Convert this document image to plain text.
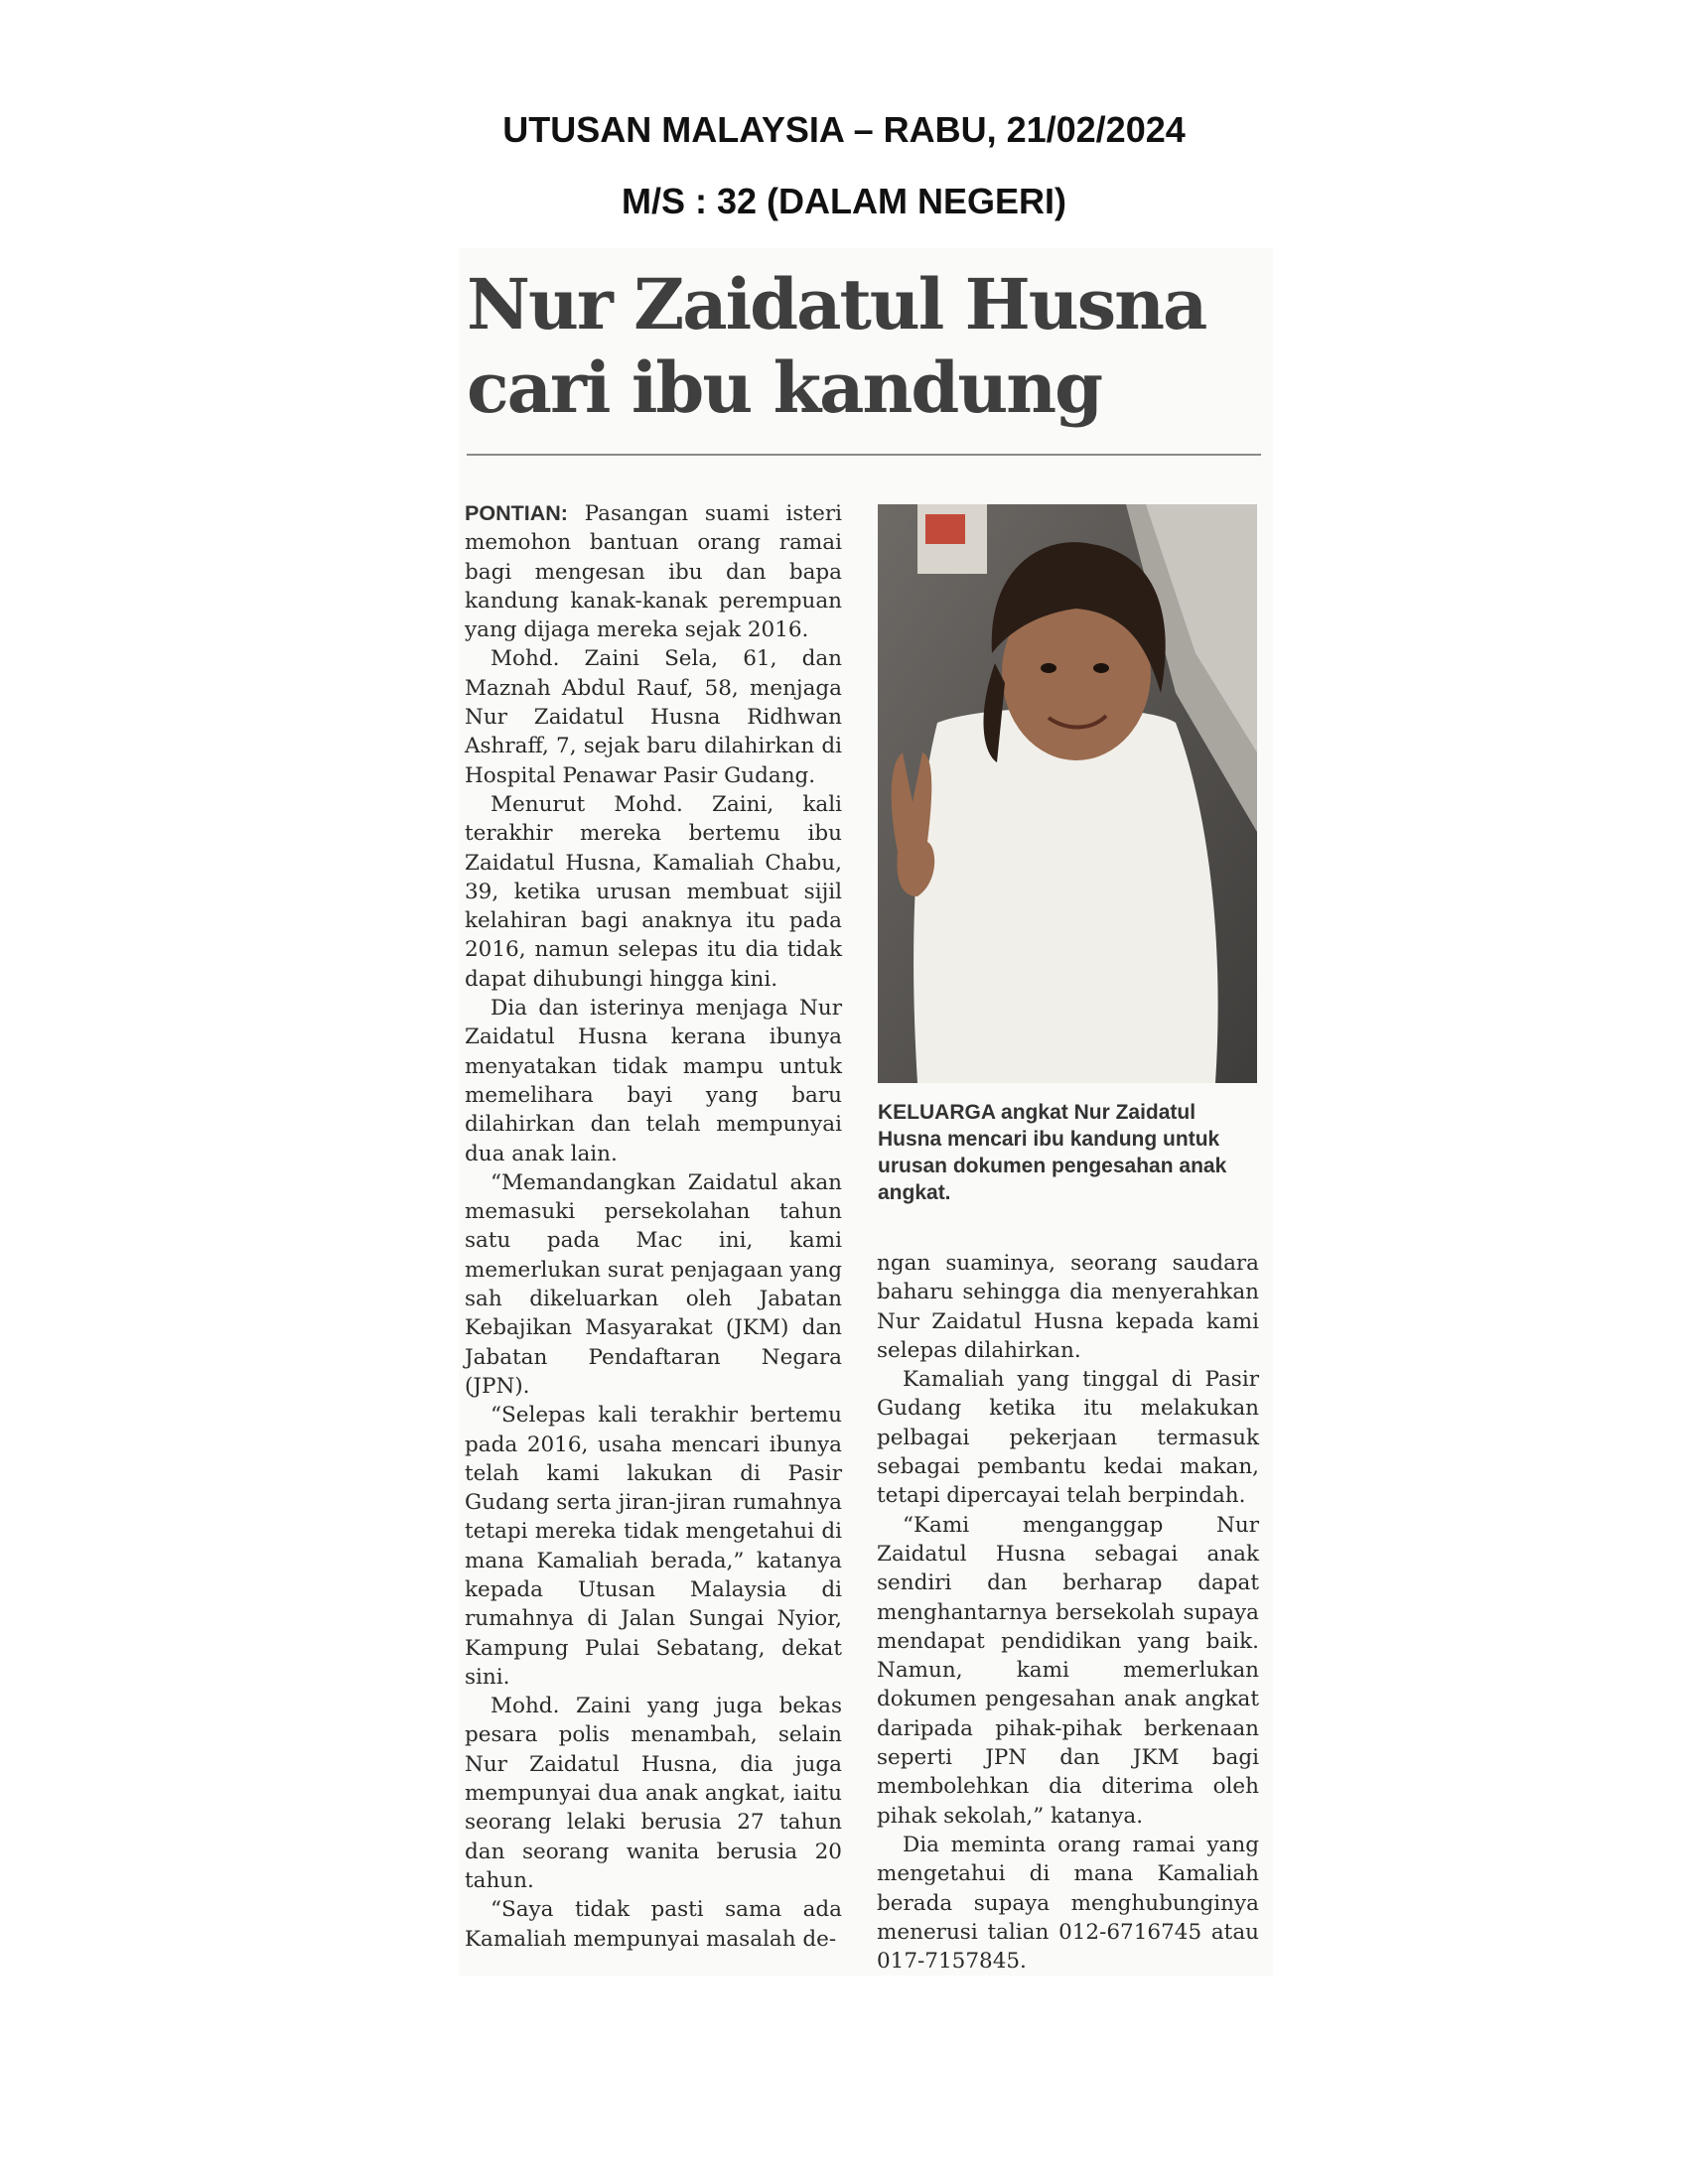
UTUSAN MALAYSIA – RABU, 21/02/2024
M/S : 32 (DALAM NEGERI)
Nur Zaidatul Husna
cari ibu kandung

PONTIAN: Pasangan suami isteri memohon bantuan orang ramai bagi mengesan ibu dan bapa kandung kanak-kanak perempuan yang dijaga mereka sejak 2016.

Mohd. Zaini Sela, 61, dan Maznah Abdul Rauf, 58, menjaga Nur Zaidatul Husna Ridhwan Ashraff, 7, sejak baru dilahirkan di Hospital Penawar Pasir Gudang.

Menurut Mohd. Zaini, kali terakhir mereka bertemu ibu Zaidatul Husna, Kamaliah Chabu, 39, ketika urusan membuat sijil kelahiran bagi anaknya itu pada 2016, namun selepas itu dia tidak dapat dihubungi hingga kini.

Dia dan isterinya menjaga Nur Zaidatul Husna kerana ibunya menyatakan tidak mampu untuk memelihara bayi yang baru dilahirkan dan telah mempunyai dua anak lain.

“Memandangkan Zaidatul akan memasuki persekolahan tahun satu pada Mac ini, kami memerlukan surat penjagaan yang sah dikeluarkan oleh Jabatan Kebajikan Masyarakat (JKM) dan Jabatan Pendaftaran Negara (JPN).

“Selepas kali terakhir bertemu pada 2016, usaha mencari ibunya telah kami lakukan di Pasir Gudang serta jiran-jiran rumahnya tetapi mereka tidak mengetahui di mana Kamaliah berada,” katanya kepada Utusan Malaysia di rumahnya di Jalan Sungai Nyior, Kampung Pulai Sebatang, dekat sini.

Mohd. Zaini yang juga bekas pesara polis menambah, selain Nur Zaidatul Husna, dia juga mempunyai dua anak angkat, iaitu seorang lelaki berusia 27 tahun dan seorang wanita berusia 20 tahun.

“Saya tidak pasti sama ada Kamaliah mempunyai masalah de-

KELUARGA angkat Nur Zaidatul Husna mencari ibu kandung untuk urusan dokumen pengesahan anak angkat.

ngan suaminya, seorang saudara baharu sehingga dia menyerahkan Nur Zaidatul Husna kepada kami selepas dilahirkan.

Kamaliah yang tinggal di Pasir Gudang ketika itu melakukan pelbagai pekerjaan termasuk sebagai pembantu kedai makan, tetapi dipercayai telah berpindah.

“Kami menganggap Nur Zaidatul Husna sebagai anak sendiri dan berharap dapat menghantarnya bersekolah supaya mendapat pendidikan yang baik. Namun, kami memerlukan dokumen pengesahan anak angkat daripada pihak-pihak berkenaan seperti JPN dan JKM bagi membolehkan dia diterima oleh pihak sekolah,” katanya.

Dia meminta orang ramai yang mengetahui di mana Kamaliah berada supaya menghubunginya menerusi talian 012-6716745 atau 017-7157845.
